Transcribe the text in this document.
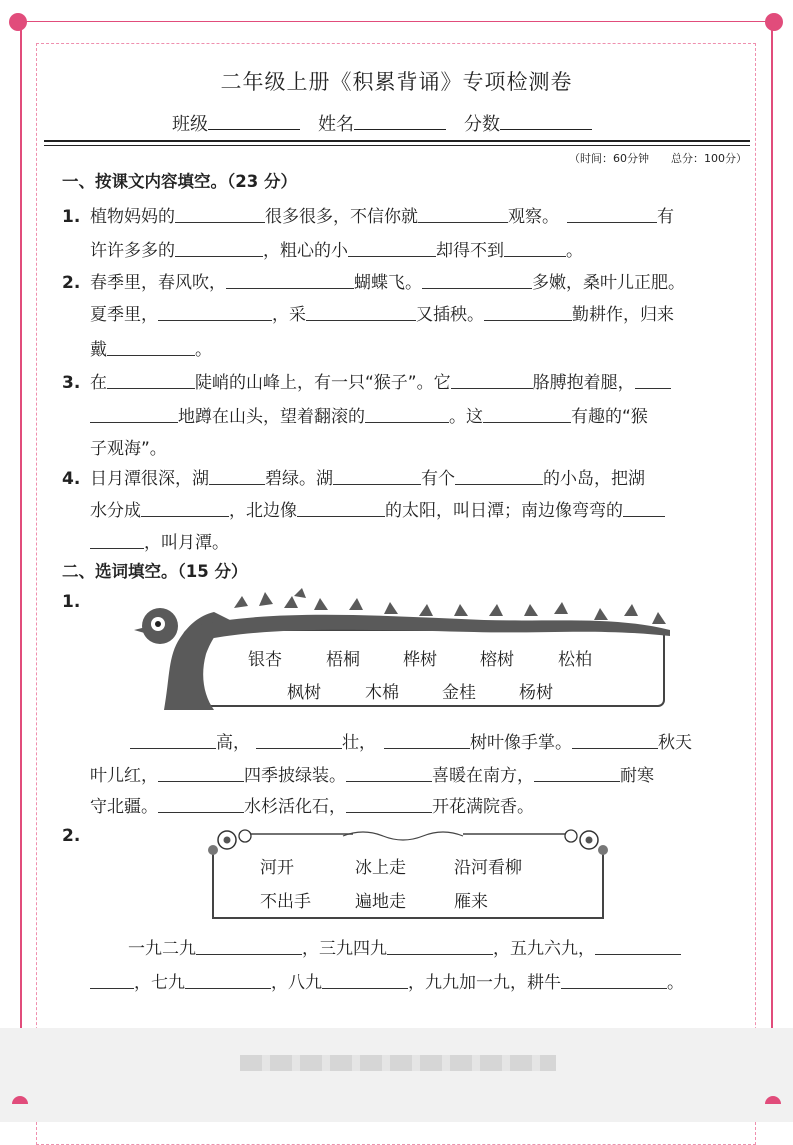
二年级上册《积累背诵》专项检测卷
班级	姓名	分数
（时间：60分钟　　总分：100分）
一、按课文内容填空。（23 分）
1. 植物妈妈的	很多很多，不信你就	观察。	有
许许多多的	，粗心的小	却得不到	。
2. 春季里，春风吹，	蝴蝶飞。	多嫩，桑叶儿正肥。
夏季里，	，采	又插秧。	勤耕作，归来
戴	。
3. 在	陡峭的山峰上，有一只“猴子”。它	胳膊抱着腿，
地蹲在山头，望着翻滚的	。这	有趣的“猴
子观海”。
4. 日月潭很深，湖	碧绿。湖	有个	的小岛，把湖
水分成	，北边像	的太阳，叫日潭；南边像弯弯的
，叫月潭。
二、选词填空。（15 分）
1.
银杏	梧桐	桦树	榕树	松柏
枫树	木棉	金桂	杨树
高，	壮，	树叶像手掌。	秋天
叶儿红，	四季披绿装。	喜暖在南方，	耐寒
守北疆。	水杉活化石，	开花满院香。
2.
河开	冰上走	沿河看柳
不出手	遍地走	雁来
一九二九	，三九四九	，五九六九，
，七九	，八九	，九九加一九，耕牛	。
